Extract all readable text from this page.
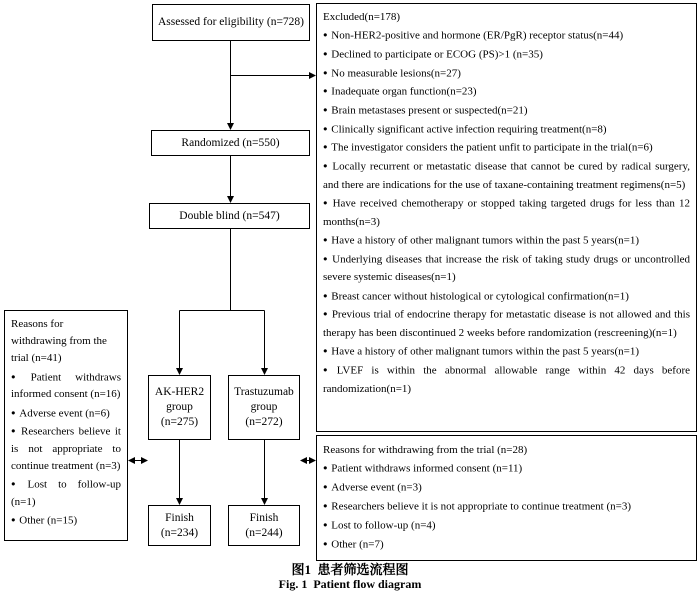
Assessed for eligibility (n=728)
Randomized (n=550)
Double blind (n=547)
AK-HER2 group (n=275)
Trastuzumab group (n=272)
Finish (n=234)
Finish (n=244)
Excluded(n=178)
● Non-HER2-positive and hormone (ER/PgR) receptor status(n=44)
● Declined to participate or ECOG (PS)>1 (n=35)
● No measurable lesions(n=27)
● Inadequate organ function(n=23)
● Brain metastases present or suspected(n=21)
● Clinically significant active infection requiring treatment(n=8)
● The investigator considers the patient unfit to participate in the trial(n=6)
● Locally recurrent or metastatic disease that cannot be cured by radical surgery, and there are indications for the use of taxane-containing treatment regimens(n=5)
● Have received chemotherapy or stopped taking targeted drugs for less than 12 months(n=3)
● Have a history of other malignant tumors within the past 5 years(n=1)
● Underlying diseases that increase the risk of taking study drugs or uncontrolled severe systemic diseases(n=1)
● Breast cancer without histological or cytological confirmation(n=1)
● Previous trial of endocrine therapy for metastatic disease is not allowed and this therapy has been discontinued 2 weeks before randomization (rescreening)(n=1)
● Have a history of other malignant tumors within the past 5 years(n=1)
● LVEF is within the abnormal allowable range within 42 days before randomization(n=1)
Reasons for withdrawing from the trial (n=41)
● Patient withdraws informed consent (n=16)
● Adverse event (n=6)
● Researchers believe it is not appropriate to continue treatment (n=3)
● Lost to follow-up (n=1)
● Other (n=15)
Reasons for withdrawing from the trial (n=28)
● Patient withdraws informed consent (n=11)
● Adverse event (n=3)
● Researchers believe it is not appropriate to continue treatment (n=3)
● Lost to follow-up (n=4)
● Other (n=7)
图1  患者筛选流程图
Fig. 1  Patient flow diagram
